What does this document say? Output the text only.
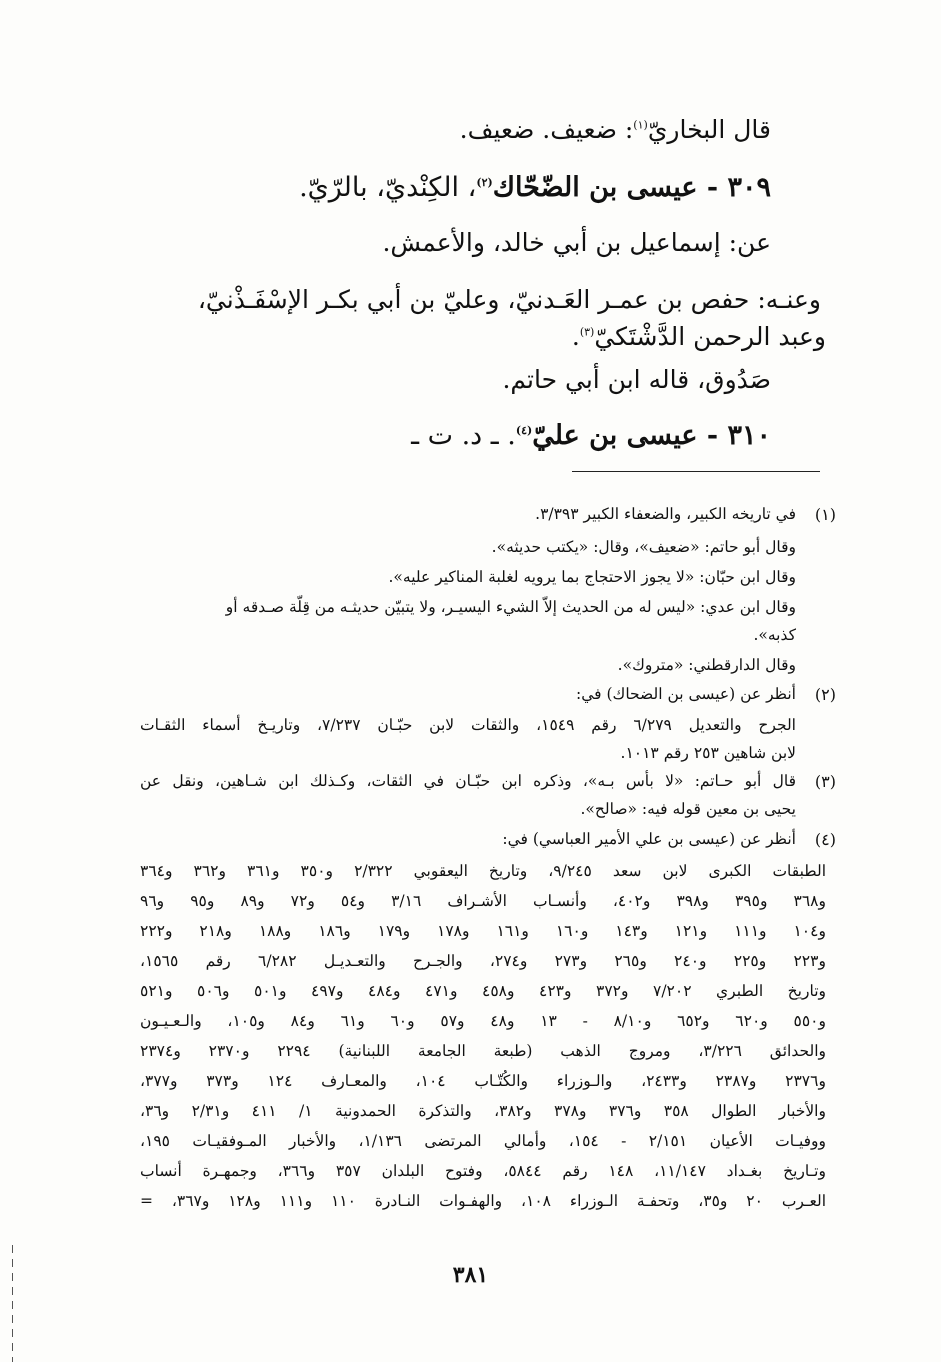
قال البخاريّ$^{(١)}$: ضعيف. ضعيف.
٣٠٩ - عيسى بن الضّحّاك$^{(٢)}$، الكِنْديّ، بالرّيّ.
عن: إسماعيل بن أبي خالد، والأعمش.
وعنـه: حفص بن عمـر العَـدنيّ، وعليّ بن أبي بكـر الإسْفَـذْنيّ،
وعبد الرحمن الدَّشْتَكيّ$^{(٣)}$.
صَدُوق، قاله ابن أبي حاتم.
٣١٠ - عيسى بن عليّ$^{(٤)}$. ـ د. ت ـ
(١)
في تاريخه الكبير، والضعفاء الكبير ٣/٣٩٣.
وقال أبو حاتم: «ضعيف»، وقال: «يكتب حديثه».
وقال ابن حبّان: «لا يجوز الاحتجاج بما يرويه لغلبة المناكير عليه».
وقال ابن عدي: «ليس له من الحديث إلاّ الشيء اليسيـر، ولا يتبيّن حديثـه من قِلّة صـدقه أو
كذبه».
وقال الدارقطني: «متروك».
(٢)
أنظر عن (عيسى بن الضحاك) في:
الجرح والتعديل ٦/٢٧٩ رقم ١٥٤٩، والثقات لابن حبّـان ٧/٢٣٧، وتاريـخ أسماء الثقـات
لابن شاهين ٢٥٣ رقم ١٠١٣.
(٣)
قال أبو حـاتم: «لا بأس بـه»، وذكره ابن حبّـان في الثقات، وكـذلك ابن شـاهين، ونقل عن
يحيى بن معين قوله فيه: «صالح».
(٤)
أنظر عن (عيسى بن علي الأمير العباسي) في:
الطبقات الكبرى لابن سعد ٩/٢٤٥، وتاريخ اليعقوبي ٢/٣٢٢ و٣٥٠ و٣٦١ و٣٦٢ و٣٦٤
و٣٦٨ و٣٩٥ و٣٩٨ و٤٠٢، وأنسـاب الأشـراف ٣/١٦ و٥٤ و٧٢ و٨٩ و٩٥ و٩٦
و١٠٤ و١١١ و١٢١ و١٤٣ و١٦٠ و١٦١ و١٧٨ و١٧٩ و١٨٦ و١٨٨ و٢١٨ و٢٢٢
و٢٢٣ و٢٢٥ و٢٤٠ و٢٦٥ و٢٧٣ و٢٧٤، والجـرح والتعـديـل ٦/٢٨٢ رقم ١٥٦٥،
وتاريخ الطبري ٧/٢٠٢ و٣٧٢ و٤٢٣ و٤٥٨ و٤٧١ و٤٨٤ و٤٩٧ و٥٠١ و٥٠٦ و٥٢١
و٥٥٠ و٦٢٠ و٦٥٢ و٨/١٠ - ١٣ و٤٨ و٥٧ و٦٠ و٦١ و٨٤ و١٠٥، والـعـيـون
والحدائق ٣/٢٢٦، ومروج الذهب (طبعة الجامعة اللبنانية) ٢٢٩٤ و٢٣٧٠ و٢٣٧٤
و٢٣٧٦ و٢٣٨٧ و٢٤٣٣، والـوزراء والكُتّـاب ١٠٤، والمعـارف ١٢٤ و٣٧٣ و٣٧٧،
والأخبار الطوال ٣٥٨ و٣٧٦ و٣٧٨ و٣٨٢، والتذكرة الحمدونية ١/ ٤١١ و٢/٣١ و٣٦،
ووفيـات الأعيان ٢/١٥١ - ١٥٤، وأمالي المرتضى ١/١٣٦، والأخبار المـوفقيـات ١٩٥،
وتـاريخ بغـداد ١١/١٤٧، ١٤٨ رقم ٥٨٤٤، وفتوح البلدان ٣٥٧ و٣٦٦، وجمهـرة أنساب
العـرب ٢٠ و٣٥، وتحفـة الـوزراء ١٠٨، والهفـوات النـادرة ١١٠ و١١١ و١٢٨ و٣٦٧، =
٣٨١
